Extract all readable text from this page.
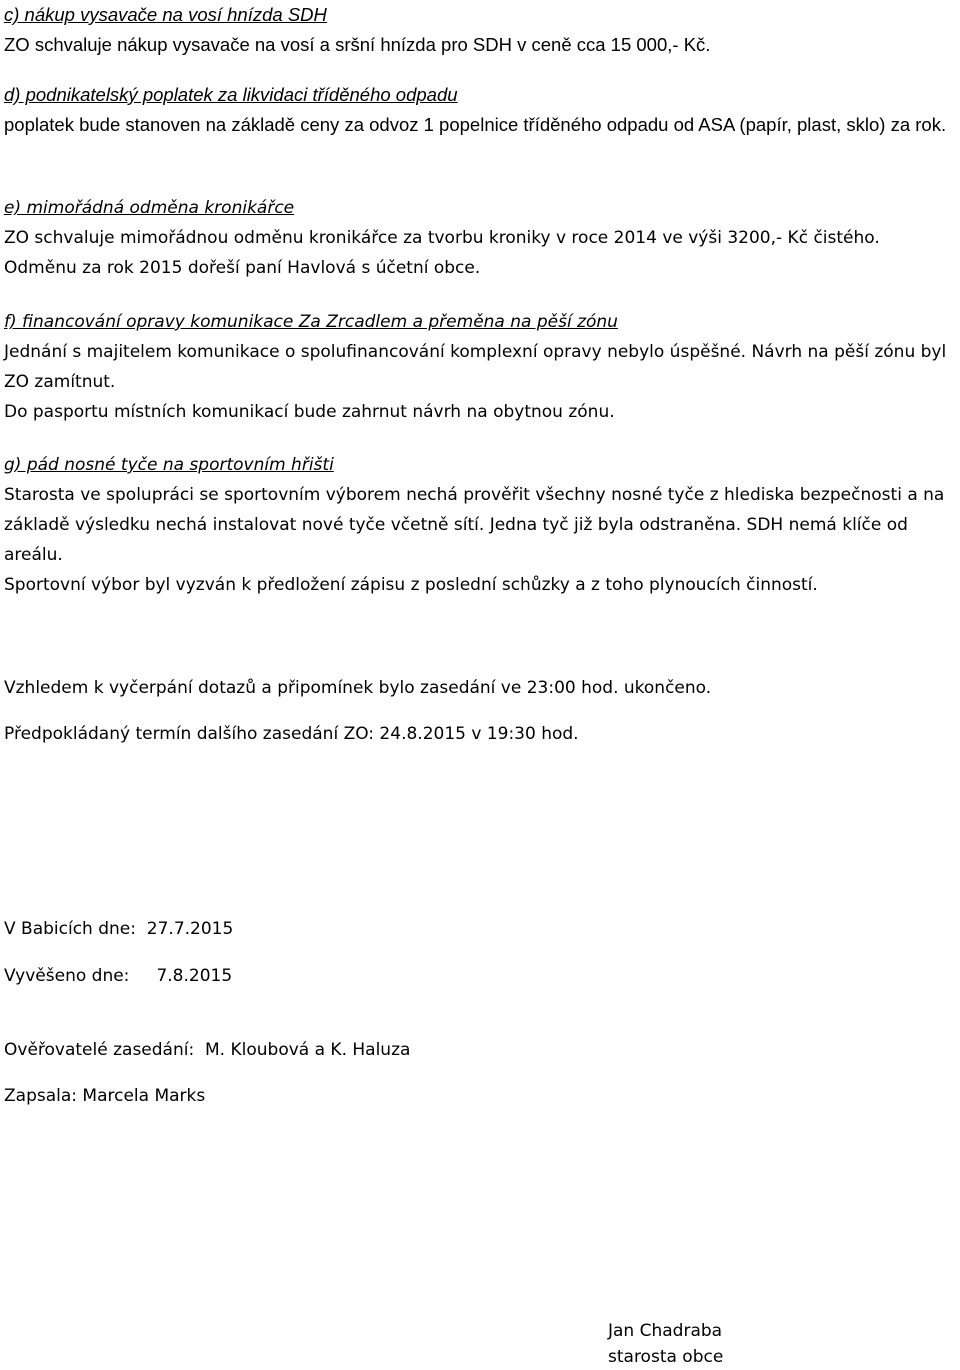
c) nákup vysavače na vosí hnízda SDH

ZO schvaluje nákup vysavače na vosí a sršní hnízda pro SDH v ceně cca 15 000,- Kč.

d) podnikatelský poplatek za likvidaci tříděného odpadu

poplatek bude stanoven na základě ceny za odvoz 1 popelnice tříděného odpadu od ASA (papír, plast, sklo) za rok.

e) mimořádná odměna kronikářce

ZO schvaluje mimořádnou odměnu kronikářce za tvorbu kroniky v roce 2014 ve výši 3200,- Kč čistého. Odměnu za rok 2015 dořeší paní Havlová s účetní obce.

f) financování opravy komunikace Za Zrcadlem a přeměna na pěší zónu

Jednání s majitelem komunikace o spolufinancování komplexní opravy nebylo úspěšné. Návrh na pěší zónu byl ZO zamítnut.

Do pasportu místních komunikací bude zahrnut návrh na obytnou zónu.

g) pád nosné tyče na sportovním hřišti

Starosta ve spolupráci se sportovním výborem nechá prověřit všechny nosné tyče z hlediska bezpečnosti a na základě výsledku nechá instalovat nové tyče včetně sítí. Jedna tyč již byla odstraněna. SDH nemá klíče od areálu.

Sportovní výbor byl vyzván k předložení zápisu z poslední schůzky a z toho plynoucích činností.

Vzhledem k vyčerpání dotazů a připomínek bylo zasedání ve 23:00 hod. ukončeno.

Předpokládaný termín dalšího zasedání ZO: 24.8.2015 v 19:30 hod.

V Babicích dne: 27.7.2015

Vyvěšeno dne: 7.8.2015

Ověřovatelé zasedání: M. Kloubová a K. Haluza

Zapsala: Marcela Marks

Jan Chadraba

starosta obce
